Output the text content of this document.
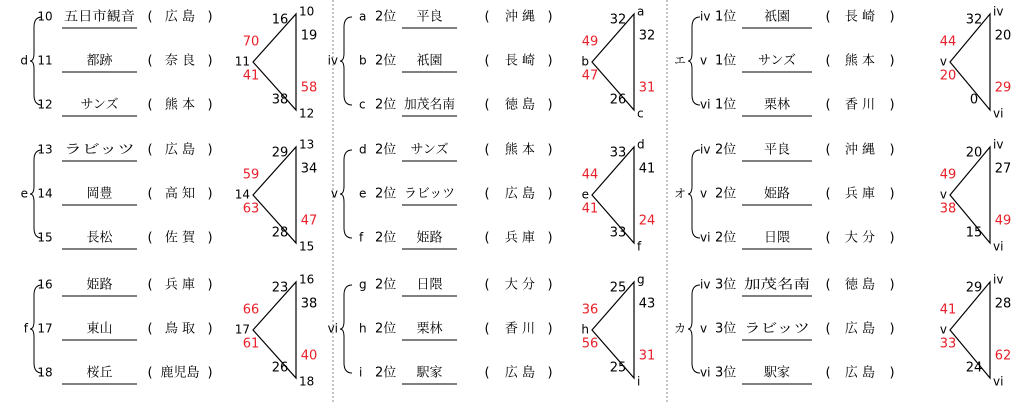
d
10 五日市観音 ( 広 島 )
11	都跡	( 奈 良 )
12 サンズ ( 熊 本 )
11
10
12
16
38
70
41
19
58
e
13 ラビッツ ( 広 島 )
14	岡豊	( 高 知 )
15	長松	( 佐 賀 )
14
13
15
29
28
59
63
34
47
f
16	姫路	( 兵 庫 )
17	東山	( 鳥 取 )
18	桜丘	( 鹿児島 )
17
16
18
23
26
66
61
38
40
iv
a 2位 平良	( 沖 縄 )
b 2位 祇園	( 長 崎 )
c 2位 加茂名南 ( 徳 島 )
b
a
c
32
26
49
47
32
31
v
d 2位 サンズ	( 熊 本 )
e 2位 ラビッツ ( 広 島 )
f 2位 姫路	( 兵 庫 )
e
d
f
33
33
44
41
41
24
vi
g 2位 日隈	( 大 分 )
h 2位 栗林	( 香 川 )
i 2位 駅家	( 広 島 )
h
g
i
25
25
36
56
43
31
エ
iv 1位 祇園	( 長 崎 )
v 1位 サンズ ( 熊 本 )
vi 1位 栗林	( 香 川 )
v
iv
vi
32
0
44
20
20
29
オ
iv 2位 平良	( 沖 縄 )
v 2位 姫路	( 兵 庫 )
vi 2位 日隈	( 大 分 )
v
iv
vi
20
15
49
38
27
49
カ
iv 3位 加茂名南	( 徳 島 )
v 3位 ラビッツ ( 広 島 )
vi 3位 駅家	( 広 島 )
v
iv
vi
29
24
41
33
28
62
